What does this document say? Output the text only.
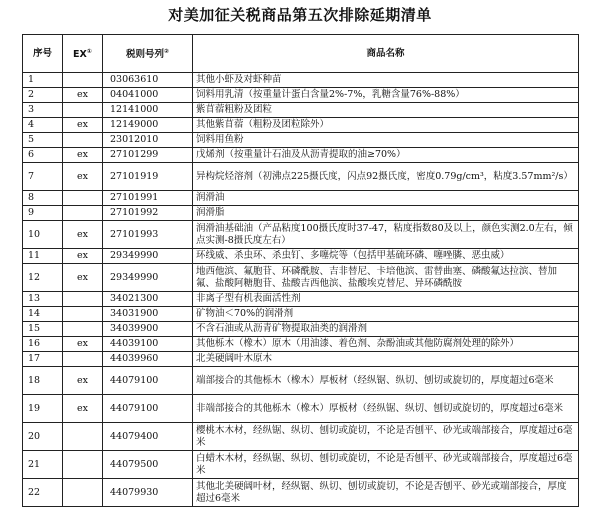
对美加征关税商品第五次排除延期清单
序号	EX①	税则号列②	商品名称
1		03063610	其他小虾及对虾种苗
2	ex	04041000	饲料用乳清（按重量计蛋白含量2%-7%，乳糖含量76%-88%）
3		12141000	紫苜蓿粗粉及团粒
4	ex	12149000	其他紫苜蓿（粗粉及团粒除外）
5		23012010	饲料用鱼粉
6	ex	27101299	戊烯剂（按重量计石油及从沥青提取的油≥70%）
7	ex	27101919	异构烷烃溶剂（初沸点225摄氏度，闪点92摄氏度，密度0.79g/cm³，粘度3.57mm²/s）
8		27101991	润滑油
9		27101992	润滑脂
10	ex	27101993	润滑油基础油（产品粘度100摄氏度时37-47，粘度指数80及以上，颜色实测2.0左右，倾点实测-8摄氏度左右）
11	ex	29349990	环线威、杀虫环、杀虫钉、多噻烷等（包括甲基硫环磷、噻唑膦、恶虫威）
12	ex	29349990	地西他滨、氟胞苷、环磷酰胺、吉非替尼、卡培他滨、雷替曲塞、磷酸氟达拉滨、替加氟、盐酸阿糖胞苷、盐酸吉西他滨、盐酸埃克替尼、异环磷酰胺
13		34021300	非离子型有机表面活性剂
14		34031900	矿物油＜70%的润滑剂
15		34039900	不含石油或从沥青矿物提取油类的润滑剂
16	ex	44039100	其他栎木（橡木）原木（用油漆、着色剂、杂酚油或其他防腐剂处理的除外）
17		44039960	北美硬阔叶木原木
18	ex	44079100	端部接合的其他栎木（橡木）厚板材（经纵锯、纵切、刨切或旋切的，厚度超过6毫米
19	ex	44079100	非端部接合的其他栎木（橡木）厚板材（经纵锯、纵切、刨切或旋切的，厚度超过6毫米
20		44079400	樱桃木木材，经纵锯、纵切、刨切或旋切，不论是否刨平、砂光或端部接合，厚度超过6毫米
21		44079500	白蜡木木材，经纵锯、纵切、刨切或旋切，不论是否刨平、砂光或端部接合，厚度超过6毫米
22		44079930	其他北美硬阔叶材，经纵锯、纵切、刨切或旋切，不论是否刨平、砂光或端部接合，厚度超过6毫米
